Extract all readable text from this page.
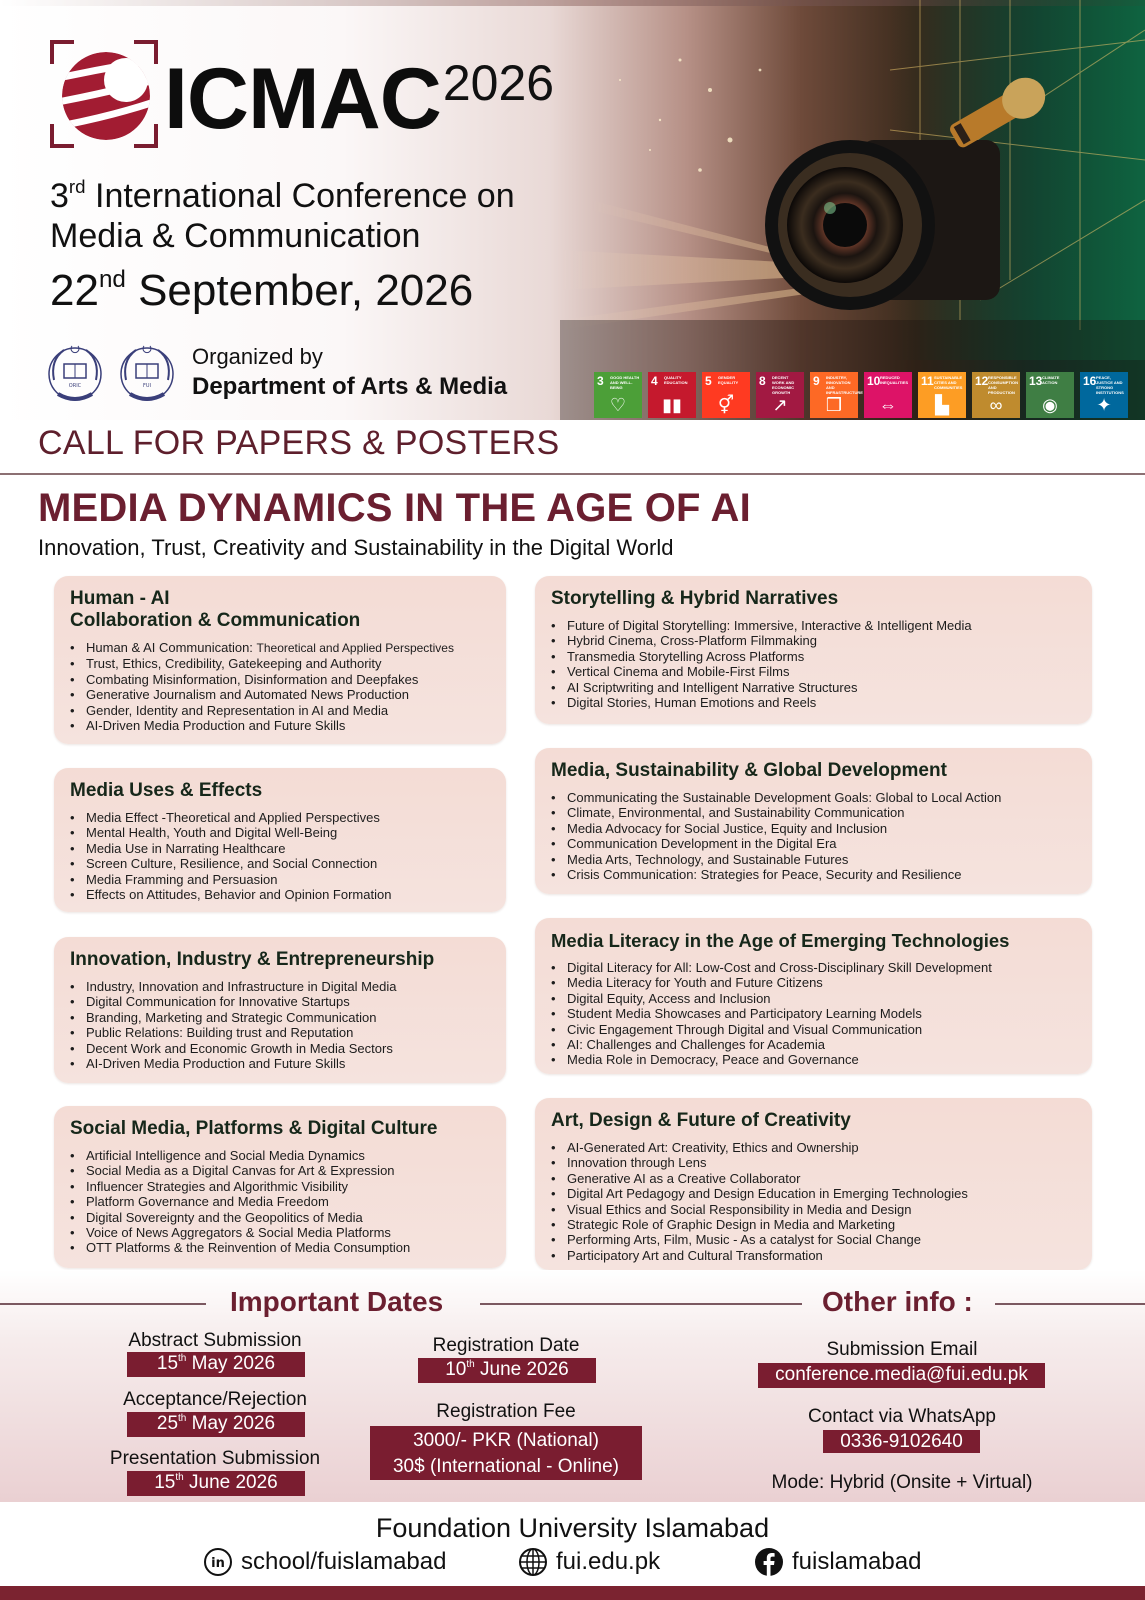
ICMAC 2026
3rd International Conference on
Media & Communication
22nd September, 2026
ORIC	FUI
Organized by
Department of Arts & Media	3 GOOD HEALTH AND WELL-BEING
♡
4 QUALITY EDUCATION
▮▮
5 GENDER EQUALITY
⚥
8 DECENT WORK AND ECONOMIC GROWTH
↗
9 INDUSTRY, INNOVATION AND INFRASTRUCTURE
❒
10 REDUCED INEQUALITIES
⇔
11 SUSTAINABLE CITIES AND COMMUNITIES
▙
12 RESPONSIBLE CONSUMPTION AND PRODUCTION
∞
13 CLIMATE ACTION
◉
16 PEACE, JUSTICE AND STRONG INSTITUTIONS
✦
CALL FOR PAPERS & POSTERS
MEDIA DYNAMICS IN THE AGE OF AI
Innovation, Trust, Creativity and Sustainability in the Digital World
Human - AI
Collaboration & Communication
• Human & AI Communication: Theoretical and Applied Perspectives
• Trust, Ethics, Credibility, Gatekeeping and Authority
• Combating Misinformation, Disinformation and Deepfakes
• Generative Journalism and Automated News Production
• Gender, Identity and Representation in AI and Media
• AI-Driven Media Production and Future Skills
Storytelling & Hybrid Narratives
• Future of Digital Storytelling: Immersive, Interactive & Intelligent Media
• Hybrid Cinema, Cross-Platform Filmmaking
• Transmedia Storytelling Across Platforms
• Vertical Cinema and Mobile-First Films
• AI Scriptwriting and Intelligent Narrative Structures
• Digital Stories, Human Emotions and Reels
Media Uses & Effects
• Media Effect -Theoretical and Applied Perspectives
• Mental Health, Youth and Digital Well-Being
• Media Use in Narrating Healthcare
• Screen Culture, Resilience, and Social Connection
• Media Framming and Persuasion
• Effects on Attitudes, Behavior and Opinion Formation
Media, Sustainability & Global Development
• Communicating the Sustainable Development Goals: Global to Local Action
• Climate, Environmental, and Sustainability Communication
• Media Advocacy for Social Justice, Equity and Inclusion
• Communication Development in the Digital Era
• Media Arts, Technology, and Sustainable Futures
• Crisis Communication: Strategies for Peace, Security and Resilience
Innovation, Industry & Entrepreneurship
• Industry, Innovation and Infrastructure in Digital Media
• Digital Communication for Innovative Startups
• Branding, Marketing and Strategic Communication
• Public Relations: Building trust and Reputation
• Decent Work and Economic Growth in Media Sectors
• AI-Driven Media Production and Future Skills
Media Literacy in the Age of Emerging Technologies
• Digital Literacy for All: Low-Cost and Cross-Disciplinary Skill Development
• Media Literacy for Youth and Future Citizens
• Digital Equity, Access and Inclusion
• Student Media Showcases and Participatory Learning Models
• Civic Engagement Through Digital and Visual Communication
• AI: Challenges and Challenges for Academia
• Media Role in Democracy, Peace and Governance
Social Media, Platforms & Digital Culture
• Artificial Intelligence and Social Media Dynamics
• Social Media as a Digital Canvas for Art & Expression
• Influencer Strategies and Algorithmic Visibility
• Platform Governance and Media Freedom
• Digital Sovereignty and the Geopolitics of Media
• Voice of News Aggregators & Social Media Platforms
• OTT Platforms & the Reinvention of Media Consumption
Art, Design & Future of Creativity
• AI-Generated Art: Creativity, Ethics and Ownership
• Innovation through Lens
• Generative AI as a Creative Collaborator
• Digital Art Pedagogy and Design Education in Emerging Technologies
• Visual Ethics and Social Responsibility in Media and Design
• Strategic Role of Graphic Design in Media and Marketing
• Performing Arts, Film, Music - As a catalyst for Social Change
• Participatory Art and Cultural Transformation
Important Dates	Other info :
Abstract Submission
15th May 2026
Acceptance/Rejection
25th May 2026
Presentation Submission
15th June 2026
Registration Date
10th June 2026
Registration Fee
3000/- PKR (National)
30$ (International - Online)
Submission Email
conference.media@fui.edu.pk
Contact via WhatsApp
0336-9102640
Mode: Hybrid (Onsite + Virtual)
Foundation University Islamabad
in school/fuislamabad	fui.edu.pk	fuislamabad
